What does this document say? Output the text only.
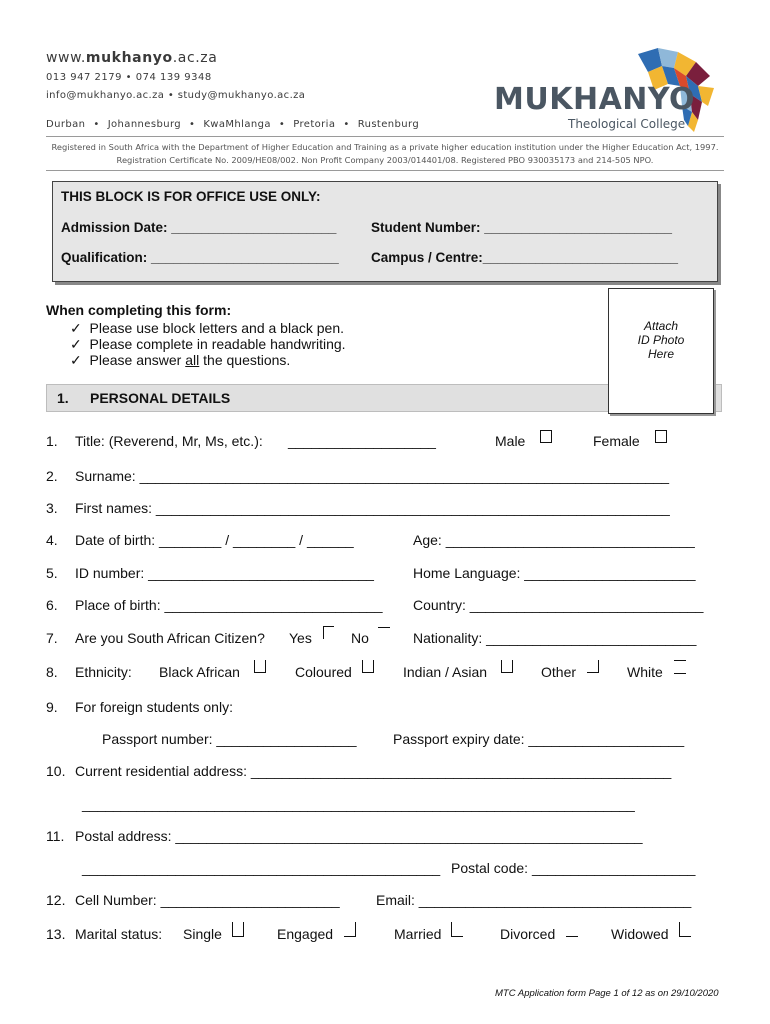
www.mukhanyo.ac.za
013 947 2179 • 074 139 9348
info@mukhanyo.ac.za • study@mukhanyo.ac.za
Durban • Johannesburg • KwaMhlanga • Pretoria • Rustenburg
MUKHANYO
Theological College
Registered in South Africa with the Department of Higher Education and Training as a private higher education institution under the Higher Education Act, 1997. Registration Certificate No. 2009/HE08/002. Non Profit Company 2003/014401/08. Registered PBO 930035173 and 214-505 NPO.
THIS BLOCK IS FOR OFFICE USE ONLY:
Admission Date: ______________________	Student Number: _________________________
Qualification: _________________________ Campus / Centre:__________________________
When completing this form:
✓ Please use block letters and a black pen.
✓ Please complete in readable handwriting.
✓ Please answer all the questions.
1. PERSONAL DETAILS
Attach
ID Photo
Here
1. Title: (Reverend, Mr, Ms, etc.): ___________________	Male	Female
2. Surname: ____________________________________________________________________
3. First names: __________________________________________________________________
4. Date of birth: ________ / ________ / ______	Age: ________________________________
5. ID number: _____________________________	Home Language: ______________________
6. Place of birth: ____________________________ Country: ______________________________
7. Are you South African Citizen? Yes	No	Nationality: ___________________________
8. Ethnicity: Black African	Coloured	Indian / Asian	Other	White
9. For foreign students only:
Passport number: __________________	Passport expiry date: ____________________
10. Current residential address: ______________________________________________________
_______________________________________________________________________
11. Postal address: ____________________________________________________________
______________________________________________ Postal code: _____________________
12. Cell Number: _______________________	Email: ___________________________________
13. Marital status: Single	Engaged	Married	Divorced	Widowed
MTC Application form Page 1 of 12 as on 29/10/2020
